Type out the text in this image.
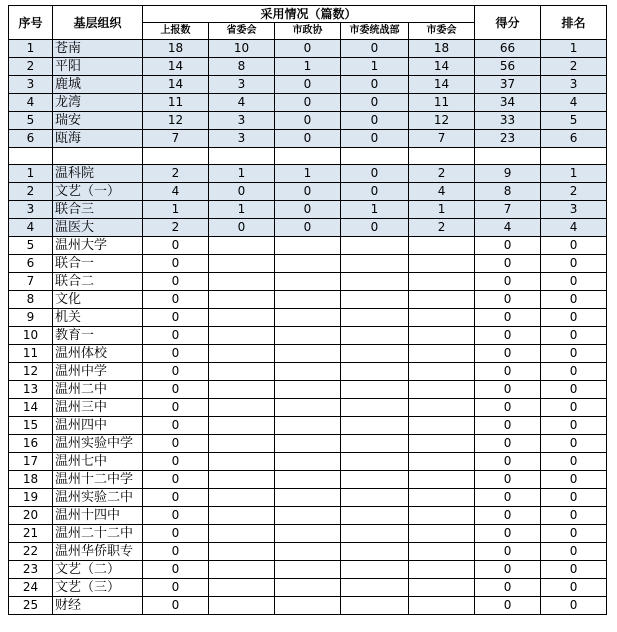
序号	基层组织	采用情况（篇数）					得分	排名
		上报数	省委会	市政协	市委统战部	市委会		
1	苍南	18	10	0	0	18	66	1
2	平阳	14	8	1	1	14	56	2
3	鹿城	14	3	0	0	14	37	3
4	龙湾	11	4	0	0	11	34	4
5	瑞安	12	3	0	0	12	33	5
6	瓯海	7	3	0	0	7	23	6

1	温科院	2	1	1	0	2	9	1
2	文艺（一）	4	0	0	0	4	8	2
3	联合三	1	1	0	1	1	7	3
4	温医大	2	0	0	0	2	4	4
5	温州大学	0					0	0
6	联合一	0					0	0
7	联合二	0					0	0
8	文化	0					0	0
9	机关	0					0	0
10	教育一	0					0	0
11	温州体校	0					0	0
12	温州中学	0					0	0
13	温州二中	0					0	0
14	温州三中	0					0	0
15	温州四中	0					0	0
16	温州实验中学	0					0	0
17	温州七中	0					0	0
18	温州十二中学	0					0	0
19	温州实验二中	0					0	0
20	温州十四中	0					0	0
21	温州二十二中	0					0	0
22	温州华侨职专	0					0	0
23	文艺（二）	0					0	0
24	文艺（三）	0					0	0
25	财经	0					0	0
